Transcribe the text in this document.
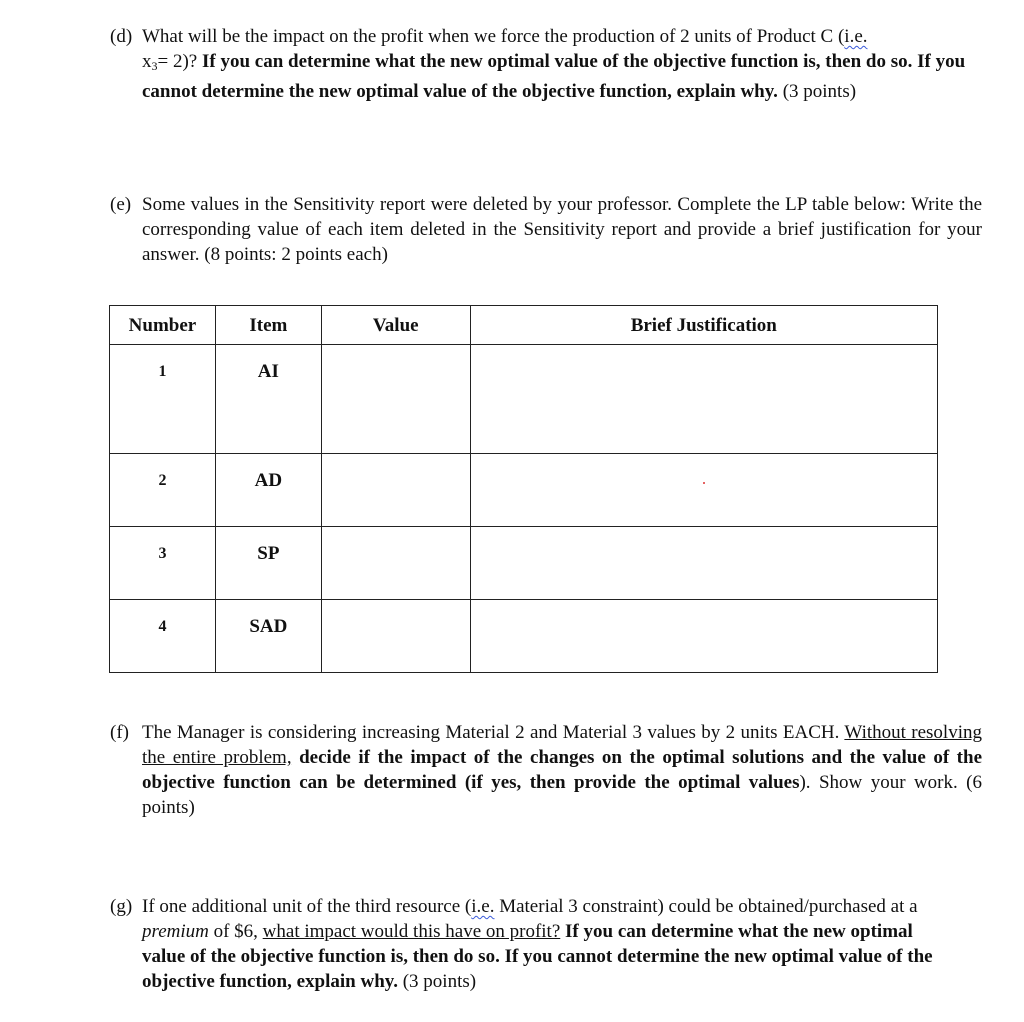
(d) What will be the impact on the profit when we force the production of 2 units of Product C (i.e.
$x_3= 2$)? If you can determine what the new optimal value of the objective function is, then do so. If you cannot determine the new optimal value of the objective function, explain why. (3 points)
(e) Some values in the Sensitivity report were deleted by your professor. Complete the LP table below: Write the corresponding value of each item deleted in the Sensitivity report and provide a brief justification for your answer. (8 points: 2 points each)
Number	Item	Value	Brief Justification
1	AI		
2	AD		
3	SP		
4	SAD		
(f) The Manager is considering increasing Material 2 and Material 3 values by 2 units EACH. Without resolving the entire problem, decide if the impact of the changes on the optimal solutions and the value of the objective function can be determined (if yes, then provide the optimal values). Show your work. (6 points)
(g) If one additional unit of the third resource (i.e. Material 3 constraint) could be obtained/purchased at a premium of $6, what impact would this have on profit? If you can determine what the new optimal value of the objective function is, then do so. If you cannot determine the new optimal value of the objective function, explain why. (3 points)
